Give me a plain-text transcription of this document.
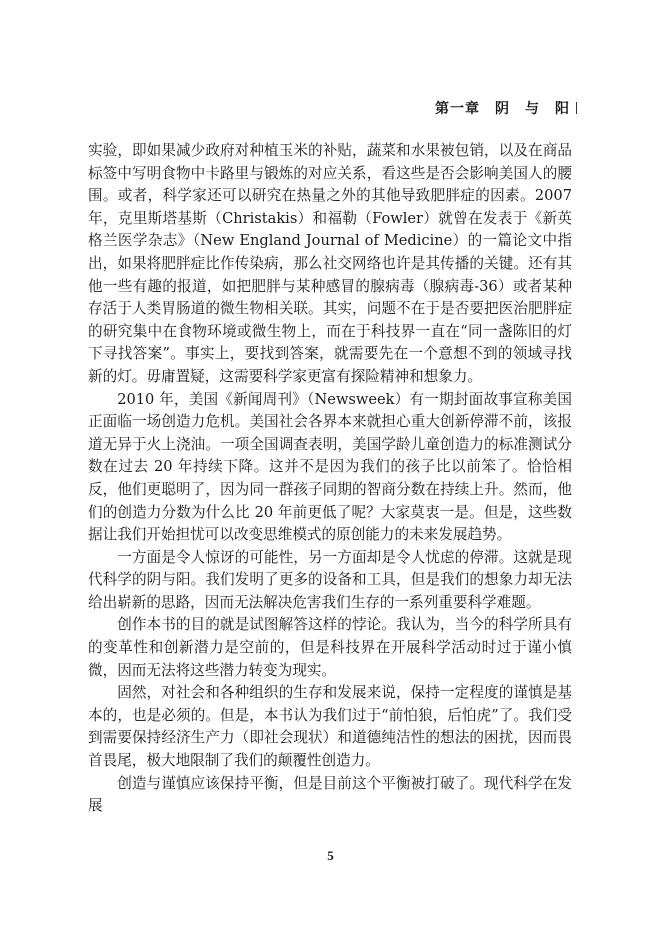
第一章　阴　与　阳

实验，即如果减少政府对种植玉米的补贴，蔬菜和水果被包销，以及在商品标签中写明食物中卡路里与锻炼的对应关系，看这些是否会影响美国人的腰围。或者，科学家还可以研究在热量之外的其他导致肥胖症的因素。2007 年，克里斯塔基斯（Christakis）和福勒（Fowler）就曾在发表于《新英格兰医学杂志》（New England Journal of Medicine）的一篇论文中指出，如果将肥胖症比作传染病，那么社交网络也许是其传播的关键。还有其他一些有趣的报道，如把肥胖与某种感冒的腺病毒（腺病毒-36）或者某种存活于人类胃肠道的微生物相关联。其实，问题不在于是否要把医治肥胖症的研究集中在食物环境或微生物上，而在于科技界一直在“同一盏陈旧的灯下寻找答案”。事实上，要找到答案，就需要先在一个意想不到的领域寻找新的灯。毋庸置疑，这需要科学家更富有探险精神和想象力。

2010 年，美国《新闻周刊》（Newsweek）有一期封面故事宣称美国正面临一场创造力危机。美国社会各界本来就担心重大创新停滞不前，该报道无异于火上浇油。一项全国调查表明，美国学龄儿童创造力的标准测试分数在过去 20 年持续下降。这并不是因为我们的孩子比以前笨了。恰恰相反，他们更聪明了，因为同一群孩子同期的智商分数在持续上升。然而，他们的创造力分数为什么比 20 年前更低了呢？大家莫衷一是。但是，这些数据让我们开始担忧可以改变思维模式的原创能力的未来发展趋势。

一方面是令人惊讶的可能性，另一方面却是令人忧虑的停滞。这就是现代科学的阴与阳。我们发明了更多的设备和工具，但是我们的想象力却无法给出崭新的思路，因而无法解决危害我们生存的一系列重要科学难题。

创作本书的目的就是试图解答这样的悖论。我认为，当今的科学所具有的变革性和创新潜力是空前的，但是科技界在开展科学活动时过于谨小慎微，因而无法将这些潜力转变为现实。

固然，对社会和各种组织的生存和发展来说，保持一定程度的谨慎是基本的，也是必须的。但是，本书认为我们过于“前怕狼，后怕虎”了。我们受到需要保持经济生产力（即社会现状）和道德纯洁性的想法的困扰，因而畏首畏尾，极大地限制了我们的颠覆性创造力。

创造与谨慎应该保持平衡，但是目前这个平衡被打破了。现代科学在发展

5
